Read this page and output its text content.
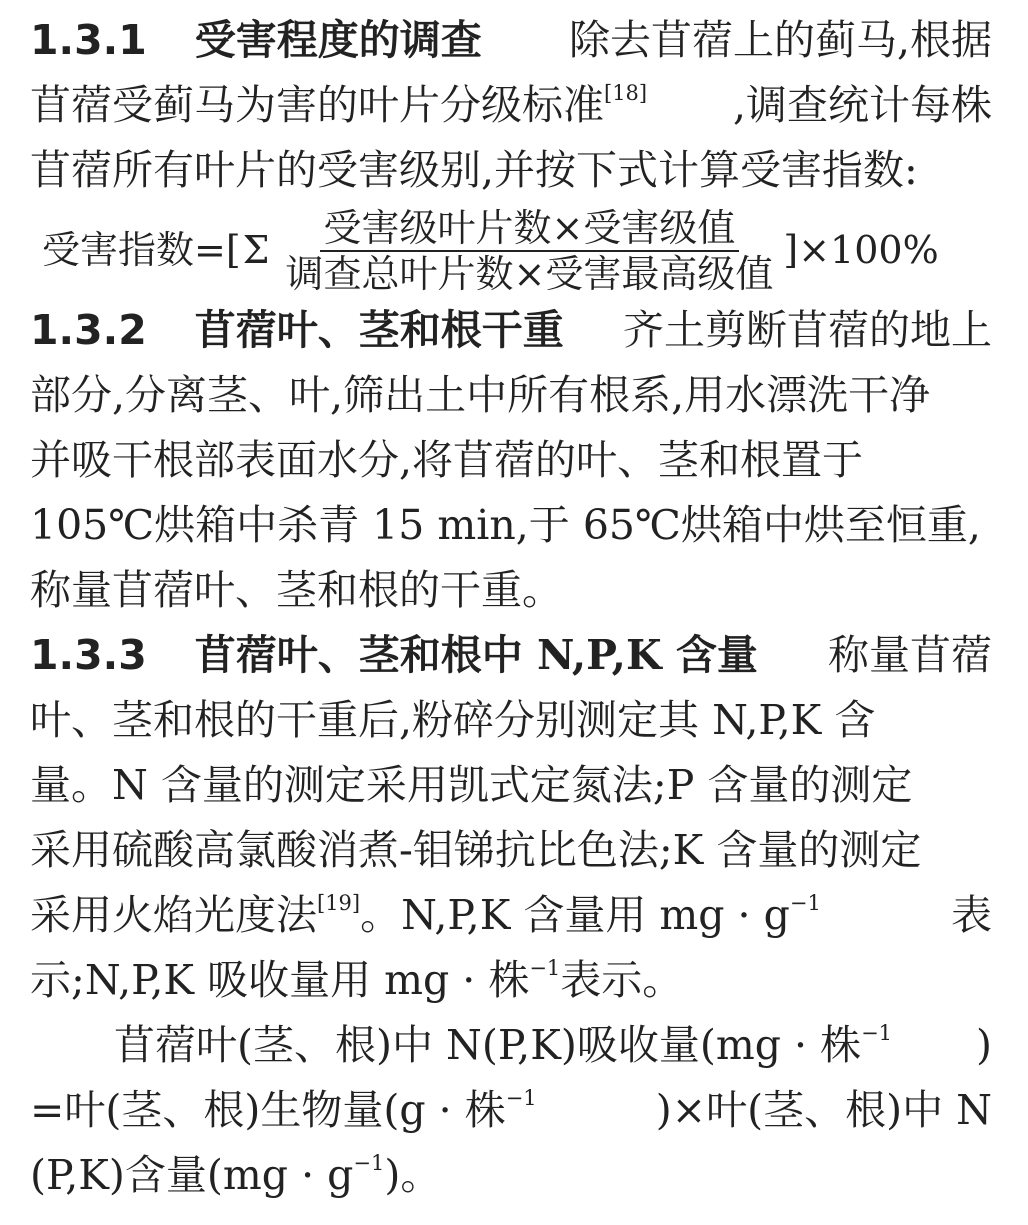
1.3.1 受害程度的调查	除去苜蓿上的蓟马,根据
苜蓿受蓟马为害的叶片分级标准[18] ,调查统计每株
苜蓿所有叶片的受害级别,并按下式计算受害指数:
受害指数=[ Σ $\frac{\text{受害级叶片数×受害级值}}{\text{调查总叶片数×受害最高级值}} ]\times 100\%$
1.3.2 苜蓿叶、茎和根干重	齐土剪断苜蓿的地上
部分,分离茎、叶,筛出土中所有根系,用水漂洗干净
并吸干根部表面水分,将苜蓿的叶、茎和根置于
105℃烘箱中杀青 15 min,于 65℃烘箱中烘至恒重,
称量苜蓿叶、茎和根的干重。
1.3.3 苜蓿叶、茎和根中 N,P,K 含量	称量苜蓿
叶、茎和根的干重后,粉碎分别测定其 N,P,K 含
量。N 含量的测定采用凯式定氮法;P 含量的测定
采用硫酸高氯酸消煮-钼锑抗比色法;K 含量的测定
采用火焰光度法[19]。N,P,K 含量用 mg · $g^{-1}$	表
示;N,P,K 吸收量用 mg · 株$^{-1}$表示。
苜蓿叶(茎、根)中 N(P,K)吸收量(mg · 株$^{-1}$ )
=叶(茎、根)生物量(g · 株$^{-1}$	)×叶(茎、根)中 N
(P,K)含量$(mg \cdot g^{-1})$。
